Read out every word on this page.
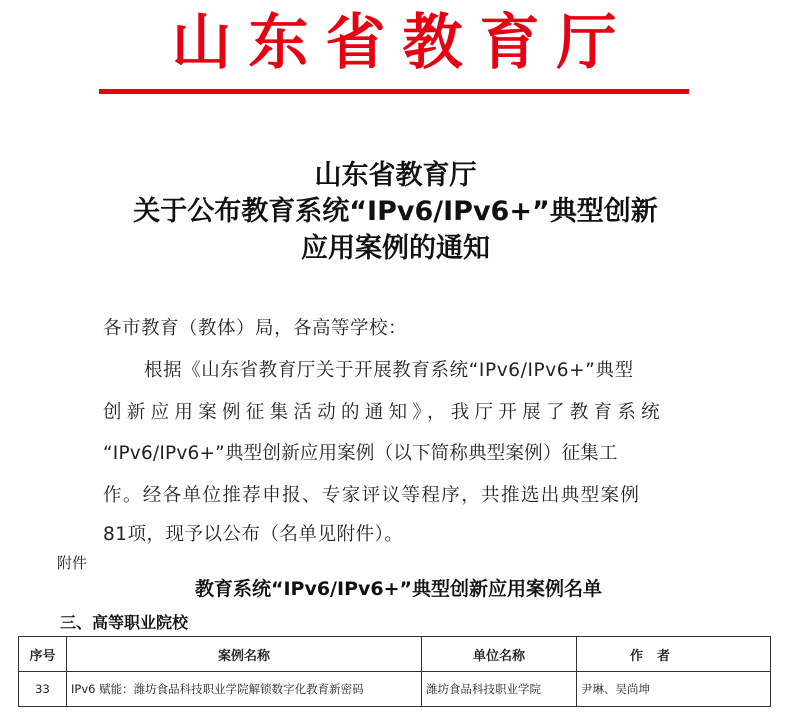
山东省教育厅
山东省教育厅
关于公布教育系统“IPv6/IPv6+”典型创新
应用案例的通知
各市教育（教体）局，各高等学校：
根据《山东省教育厅关于开展教育系统“IPv6/IPv6+”典型
创新应用案例征集活动的通知》，我厅开展了教育系统
“IPv6/IPv6+”典型创新应用案例（以下简称典型案例）征集工
作。经各单位推荐申报、专家评议等程序，共推选出典型案例
81项，现予以公布（名单见附件）。
附件
教育系统“IPv6/IPv6+”典型创新应用案例名单
三、高等职业院校
序号	案例名称	单位名称	作者
33	IPv6 赋能：潍坊食品科技职业学院解锁数字化教育新密码	潍坊食品科技职业学院	尹琳、吴尚坤
